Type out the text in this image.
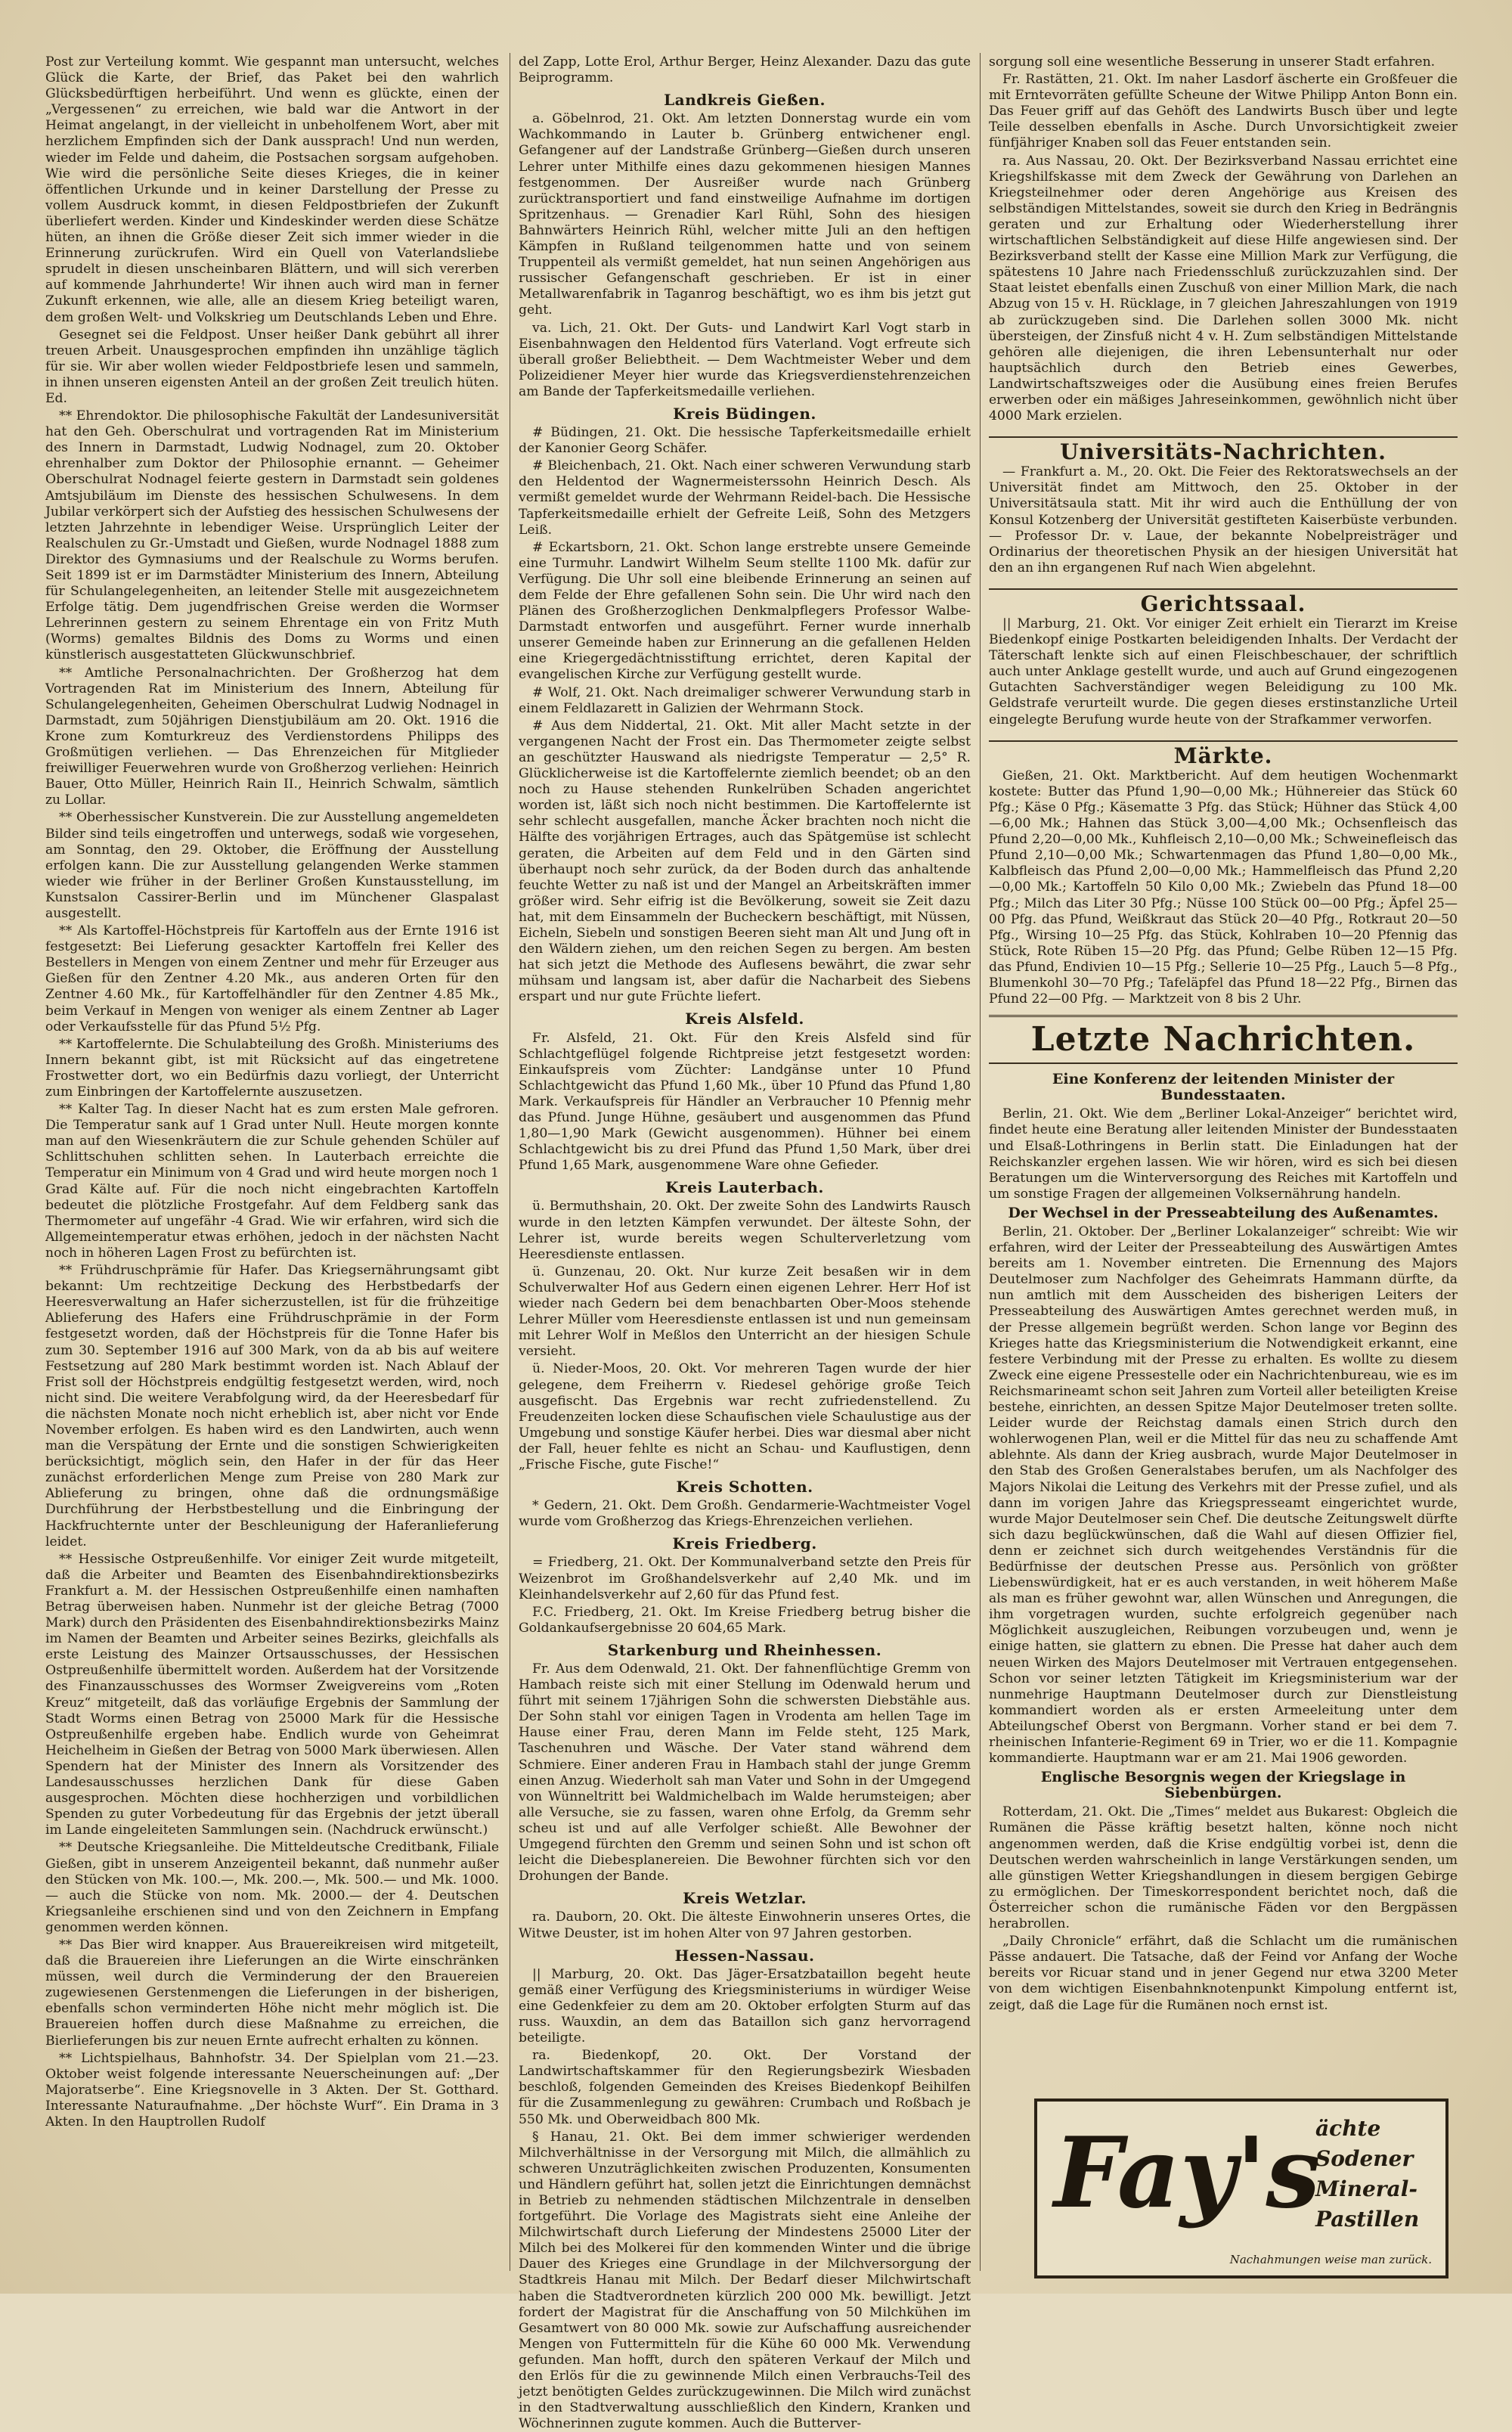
Post zur Verteilung kommt. Wie gespannt man untersucht, welches Glück die Karte, der Brief, das Paket bei den wahrlich Glücksbedürftigen herbeiführt. Und wenn es glückte, einen der „Vergessenen“ zu erreichen, wie bald war die Antwort in der Heimat angelangt, in der vielleicht in unbeholfenem Wort, aber mit herzlichem Empfinden sich der Dank aussprach! Und nun werden, wieder im Felde und daheim, die Postsachen sorgsam aufgehoben. Wie wird die persönliche Seite dieses Krieges, die in keiner öffentlichen Urkunde und in keiner Darstellung der Presse zu vollem Ausdruck kommt, in diesen Feldpostbriefen der Zukunft überliefert werden. Kinder und Kindeskinder werden diese Schätze hüten, an ihnen die Größe dieser Zeit sich immer wieder in die Erinnerung zurückrufen. Wird ein Quell von Vaterlandsliebe sprudelt in diesen unscheinbaren Blättern, und will sich vererben auf kommende Jahrhunderte! Wir ihnen auch wird man in ferner Zukunft erkennen, wie alle, alle an diesem Krieg beteiligt waren, dem großen Welt- und Volkskrieg um Deutschlands Leben und Ehre.

Gesegnet sei die Feldpost. Unser heißer Dank gebührt all ihrer treuen Arbeit. Unausgesprochen empfinden ihn unzählige täglich für sie. Wir aber wollen wieder Feldpostbriefe lesen und sammeln, in ihnen unseren eigensten Anteil an der großen Zeit treulich hüten. Ed.

** Ehrendoktor. Die philosophische Fakultät der Landesuniversität hat den Geh. Oberschulrat und vortragenden Rat im Ministerium des Innern in Darmstadt, Ludwig Nodnagel, zum 20. Oktober ehrenhalber zum Doktor der Philosophie ernannt. — Geheimer Oberschulrat Nodnagel feierte gestern in Darmstadt sein goldenes Amtsjubiläum im Dienste des hessischen Schulwesens. In dem Jubilar verkörpert sich der Aufstieg des hessischen Schulwesens der letzten Jahrzehnte in lebendiger Weise. Ursprünglich Leiter der Realschulen zu Gr.-Umstadt und Gießen, wurde Nodnagel 1888 zum Direktor des Gymnasiums und der Realschule zu Worms berufen. Seit 1899 ist er im Darmstädter Ministerium des Innern, Abteilung für Schulangelegenheiten, an leitender Stelle mit ausgezeichnetem Erfolge tätig. Dem jugendfrischen Greise werden die Wormser Lehrerinnen gestern zu seinem Ehrentage ein von Fritz Muth (Worms) gemaltes Bildnis des Doms zu Worms und einen künstlerisch ausgestatteten Glückwunschbrief.

** Amtliche Personalnachrichten. Der Großherzog hat dem Vortragenden Rat im Ministerium des Innern, Abteilung für Schulangelegenheiten, Geheimen Oberschulrat Ludwig Nodnagel in Darmstadt, zum 50jährigen Dienstjubiläum am 20. Okt. 1916 die Krone zum Komturkreuz des Verdienstordens Philipps des Großmütigen verliehen. — Das Ehrenzeichen für Mitglieder freiwilliger Feuerwehren wurde von Großherzog verliehen: Heinrich Bauer, Otto Müller, Heinrich Rain II., Heinrich Schwalm, sämtlich zu Lollar.

** Oberhessischer Kunstverein. Die zur Ausstellung angemeldeten Bilder sind teils eingetroffen und unterwegs, sodaß wie vorgesehen, am Sonntag, den 29. Oktober, die Eröffnung der Ausstellung erfolgen kann. Die zur Ausstellung gelangenden Werke stammen wieder wie früher in der Berliner Großen Kunstausstellung, im Kunstsalon Cassirer-Berlin und im Münchener Glaspalast ausgestellt.

** Als Kartoffel-Höchstpreis für Kartoffeln aus der Ernte 1916 ist festgesetzt: Bei Lieferung gesackter Kartoffeln frei Keller des Bestellers in Mengen von einem Zentner und mehr für Erzeuger aus Gießen für den Zentner 4.20 Mk., aus anderen Orten für den Zentner 4.60 Mk., für Kartoffelhändler für den Zentner 4.85 Mk., beim Verkauf in Mengen von weniger als einem Zentner ab Lager oder Verkaufsstelle für das Pfund 5½ Pfg.

** Kartoffelernte. Die Schulabteilung des Großh. Ministeriums des Innern bekannt gibt, ist mit Rücksicht auf das eingetretene Frostwetter dort, wo ein Bedürfnis dazu vorliegt, der Unterricht zum Einbringen der Kartoffelernte auszusetzen.

** Kalter Tag. In dieser Nacht hat es zum ersten Male gefroren. Die Temperatur sank auf 1 Grad unter Null. Heute morgen konnte man auf den Wiesenkräutern die zur Schule gehenden Schüler auf Schlittschuhen schlitten sehen. In Lauterbach erreichte die Temperatur ein Minimum von 4 Grad und wird heute morgen noch 1 Grad Kälte auf. Für die noch nicht eingebrachten Kartoffeln bedeutet die plötzliche Frostgefahr. Auf dem Feldberg sank das Thermometer auf ungefähr -4 Grad. Wie wir erfahren, wird sich die Allgemeintemperatur etwas erhöhen, jedoch in der nächsten Nacht noch in höheren Lagen Frost zu befürchten ist.

** Frühdruschprämie für Hafer. Das Kriegsernährungsamt gibt bekannt: Um rechtzeitige Deckung des Herbstbedarfs der Heeresverwaltung an Hafer sicherzustellen, ist für die frühzeitige Ablieferung des Hafers eine Frühdruschprämie in der Form festgesetzt worden, daß der Höchstpreis für die Tonne Hafer bis zum 30. September 1916 auf 300 Mark, von da ab bis auf weitere Festsetzung auf 280 Mark bestimmt worden ist. Nach Ablauf der Frist soll der Höchstpreis endgültig festgesetzt werden, wird, noch nicht sind. Die weitere Verabfolgung wird, da der Heeresbedarf für die nächsten Monate noch nicht erheblich ist, aber nicht vor Ende November erfolgen. Es haben wird es den Landwirten, auch wenn man die Verspätung der Ernte und die sonstigen Schwierigkeiten berücksichtigt, möglich sein, den Hafer in der für das Heer zunächst erforderlichen Menge zum Preise von 280 Mark zur Ablieferung zu bringen, ohne daß die ordnungsmäßige Durchführung der Herbstbestellung und die Einbringung der Hackfruchternte unter der Beschleunigung der Haferanlieferung leidet.

** Hessische Ostpreußenhilfe. Vor einiger Zeit wurde mitgeteilt, daß die Arbeiter und Beamten des Eisenbahndirektionsbezirks Frankfurt a. M. der Hessischen Ostpreußenhilfe einen namhaften Betrag überweisen haben. Nunmehr ist der gleiche Betrag (7000 Mark) durch den Präsidenten des Eisenbahndirektionsbezirks Mainz im Namen der Beamten und Arbeiter seines Bezirks, gleichfalls als erste Leistung des Mainzer Ortsausschusses, der Hessischen Ostpreußenhilfe übermittelt worden. Außerdem hat der Vorsitzende des Finanzausschusses des Wormser Zweigvereins vom „Roten Kreuz“ mitgeteilt, daß das vorläufige Ergebnis der Sammlung der Stadt Worms einen Betrag von 25000 Mark für die Hessische Ostpreußenhilfe ergeben habe. Endlich wurde von Geheimrat Heichelheim in Gießen der Betrag von 5000 Mark überwiesen. Allen Spendern hat der Minister des Innern als Vorsitzender des Landesausschusses herzlichen Dank für diese Gaben ausgesprochen. Möchten diese hochherzigen und vorbildlichen Spenden zu guter Vorbedeutung für das Ergebnis der jetzt überall im Lande eingeleiteten Sammlungen sein. (Nachdruck erwünscht.)

** Deutsche Kriegsanleihe. Die Mitteldeutsche Creditbank, Filiale Gießen, gibt in unserem Anzeigenteil bekannt, daß nunmehr außer den Stücken von Mk. 100.—, Mk. 200.—, Mk. 500.— und Mk. 1000.— auch die Stücke von nom. Mk. 2000.— der 4. Deutschen Kriegsanleihe erschienen sind und von den Zeichnern in Empfang genommen werden können.

** Das Bier wird knapper. Aus Brauereikreisen wird mitgeteilt, daß die Brauereien ihre Lieferungen an die Wirte einschränken müssen, weil durch die Verminderung der den Brauereien zugewiesenen Gerstenmengen die Lieferungen in der bisherigen, ebenfalls schon verminderten Höhe nicht mehr möglich ist. Die Brauereien hoffen durch diese Maßnahme zu erreichen, die Bierlieferungen bis zur neuen Ernte aufrecht erhalten zu können.

** Lichtspielhaus, Bahnhofstr. 34. Der Spielplan vom 21.—23. Oktober weist folgende interessante Neuerscheinungen auf: „Der Majoratserbe“. Eine Kriegsnovelle in 3 Akten. Der St. Gotthard. Interessante Naturaufnahme. „Der höchste Wurf“. Ein Drama in 3 Akten. In den Hauptrollen Rudolf

del Zapp, Lotte Erol, Arthur Berger, Heinz Alexander. Dazu das gute Beiprogramm.

Landkreis Gießen.

a. Göbelnrod, 21. Okt. Am letzten Donnerstag wurde ein vom Wachkommando in Lauter b. Grünberg entwichener engl. Gefangener auf der Landstraße Grünberg—Gießen durch unseren Lehrer unter Mithilfe eines dazu gekommenen hiesigen Mannes festgenommen. Der Ausreißer wurde nach Grünberg zurücktransportiert und fand einstweilige Aufnahme im dortigen Spritzenhaus. — Grenadier Karl Rühl, Sohn des hiesigen Bahnwärters Heinrich Rühl, welcher mitte Juli an den heftigen Kämpfen in Rußland teilgenommen hatte und von seinem Truppenteil als vermißt gemeldet, hat nun seinen Angehörigen aus russischer Gefangenschaft geschrieben. Er ist in einer Metallwarenfabrik in Taganrog beschäftigt, wo es ihm bis jetzt gut geht.

va. Lich, 21. Okt. Der Guts- und Landwirt Karl Vogt starb in Eisenbahnwagen den Heldentod fürs Vaterland. Vogt erfreute sich überall großer Beliebtheit. — Dem Wachtmeister Weber und dem Polizeidiener Meyer hier wurde das Kriegsverdienstehrenzeichen am Bande der Tapferkeitsmedaille verliehen.

Kreis Büdingen.

# Büdingen, 21. Okt. Die hessische Tapferkeitsmedaille erhielt der Kanonier Georg Schäfer.

# Bleichenbach, 21. Okt. Nach einer schweren Verwundung starb den Heldentod der Wagnermeisterssohn Heinrich Desch. Als vermißt gemeldet wurde der Wehrmann Reidel-bach. Die Hessische Tapferkeitsmedaille erhielt der Gefreite Leiß, Sohn des Metzgers Leiß.

# Eckartsborn, 21. Okt. Schon lange erstrebte unsere Gemeinde eine Turmuhr. Landwirt Wilhelm Seum stellte 1100 Mk. dafür zur Verfügung. Die Uhr soll eine bleibende Erinnerung an seinen auf dem Felde der Ehre gefallenen Sohn sein. Die Uhr wird nach den Plänen des Großherzoglichen Denkmalpflegers Professor Walbe-Darmstadt entworfen und ausgeführt. Ferner wurde innerhalb unserer Gemeinde haben zur Erinnerung an die gefallenen Helden eine Kriegergedächtnisstiftung errichtet, deren Kapital der evangelischen Kirche zur Verfügung gestellt wurde.

# Wolf, 21. Okt. Nach dreimaliger schwerer Verwundung starb in einem Feldlazarett in Galizien der Wehrmann Stock.

# Aus dem Niddertal, 21. Okt. Mit aller Macht setzte in der vergangenen Nacht der Frost ein. Das Thermometer zeigte selbst an geschützter Hauswand als niedrigste Temperatur — 2,5° R. Glücklicherweise ist die Kartoffelernte ziemlich beendet; ob an den noch zu Hause stehenden Runkelrüben Schaden angerichtet worden ist, läßt sich noch nicht bestimmen. Die Kartoffelernte ist sehr schlecht ausgefallen, manche Äcker brachten noch nicht die Hälfte des vorjährigen Ertrages, auch das Spätgemüse ist schlecht geraten, die Arbeiten auf dem Feld und in den Gärten sind überhaupt noch sehr zurück, da der Boden durch das anhaltende feuchte Wetter zu naß ist und der Mangel an Arbeitskräften immer größer wird. Sehr eifrig ist die Bevölkerung, soweit sie Zeit dazu hat, mit dem Einsammeln der Bucheckern beschäftigt, mit Nüssen, Eicheln, Siebeln und sonstigen Beeren sieht man Alt und Jung oft in den Wäldern ziehen, um den reichen Segen zu bergen. Am besten hat sich jetzt die Methode des Auflesens bewährt, die zwar sehr mühsam und langsam ist, aber dafür die Nacharbeit des Siebens erspart und nur gute Früchte liefert.

Kreis Alsfeld.

Fr. Alsfeld, 21. Okt. Für den Kreis Alsfeld sind für Schlachtgeflügel folgende Richtpreise jetzt festgesetzt worden: Einkaufspreis vom Züchter: Landgänse unter 10 Pfund Schlachtgewicht das Pfund 1,60 Mk., über 10 Pfund das Pfund 1,80 Mark. Verkaufspreis für Händler an Verbraucher 10 Pfennig mehr das Pfund. Junge Hühne, gesäubert und ausgenommen das Pfund 1,80—1,90 Mark (Gewicht ausgenommen). Hühner bei einem Schlachtgewicht bis zu drei Pfund das Pfund 1,50 Mark, über drei Pfund 1,65 Mark, ausgenommene Ware ohne Gefieder.

Kreis Lauterbach.

ü. Bermuthshain, 20. Okt. Der zweite Sohn des Landwirts Rausch wurde in den letzten Kämpfen verwundet. Der älteste Sohn, der Lehrer ist, wurde bereits wegen Schulterverletzung vom Heeresdienste entlassen.

ü. Gunzenau, 20. Okt. Nur kurze Zeit besaßen wir in dem Schulverwalter Hof aus Gedern einen eigenen Lehrer. Herr Hof ist wieder nach Gedern bei dem benachbarten Ober-Moos stehende Lehrer Müller vom Heeresdienste entlassen ist und nun gemeinsam mit Lehrer Wolf in Meßlos den Unterricht an der hiesigen Schule versieht.

ü. Nieder-Moos, 20. Okt. Vor mehreren Tagen wurde der hier gelegene, dem Freiherrn v. Riedesel gehörige große Teich ausgefischt. Das Ergebnis war recht zufriedenstellend. Zu Freudenzeiten locken diese Schaufischen viele Schaulustige aus der Umgebung und sonstige Käufer herbei. Dies war diesmal aber nicht der Fall, heuer fehlte es nicht an Schau- und Kauflustigen, denn „Frische Fische, gute Fische!“

Kreis Schotten.

* Gedern, 21. Okt. Dem Großh. Gendarmerie-Wachtmeister Vogel wurde vom Großherzog das Kriegs-Ehrenzeichen verliehen.

Kreis Friedberg.

= Friedberg, 21. Okt. Der Kommunalverband setzte den Preis für Weizenbrot im Großhandelsverkehr auf 2,40 Mk. und im Kleinhandelsverkehr auf 2,60 für das Pfund fest.

F.C. Friedberg, 21. Okt. Im Kreise Friedberg betrug bisher die Goldankaufsergebnisse 20 604,65 Mark.

Starkenburg und Rheinhessen.

Fr. Aus dem Odenwald, 21. Okt. Der fahnenflüchtige Gremm von Hambach reiste sich mit einer Stellung im Odenwald herum und führt mit seinem 17jährigen Sohn die schwersten Diebstähle aus. Der Sohn stahl vor einigen Tagen in Vrodenta am hellen Tage im Hause einer Frau, deren Mann im Felde steht, 125 Mark, Taschenuhren und Wäsche. Der Vater stand während dem Schmiere. Einer anderen Frau in Hambach stahl der junge Gremm einen Anzug. Wiederholt sah man Vater und Sohn in der Umgegend von Wünneltritt bei Waldmichelbach im Walde herumsteigen; aber alle Versuche, sie zu fassen, waren ohne Erfolg, da Gremm sehr scheu ist und auf alle Verfolger schießt. Alle Bewohner der Umgegend fürchten den Gremm und seinen Sohn und ist schon oft leicht die Diebesplanereien. Die Bewohner fürchten sich vor den Drohungen der Bande.

Kreis Wetzlar.

ra. Dauborn, 20. Okt. Die älteste Einwohnerin unseres Ortes, die Witwe Deuster, ist im hohen Alter von 97 Jahren gestorben.

Hessen-Nassau.

|| Marburg, 20. Okt. Das Jäger-Ersatzbataillon begeht heute gemäß einer Verfügung des Kriegsministeriums in würdiger Weise eine Gedenkfeier zu dem am 20. Oktober erfolgten Sturm auf das russ. Wauxdin, an dem das Bataillon sich ganz hervorragend beteiligte.

ra. Biedenkopf, 20. Okt. Der Vorstand der Landwirtschaftskammer für den Regierungsbezirk Wiesbaden beschloß, folgenden Gemeinden des Kreises Biedenkopf Beihilfen für die Zusammenlegung zu gewähren: Crumbach und Roßbach je 550 Mk. und Oberweidbach 800 Mk.

§ Hanau, 21. Okt. Bei dem immer schwieriger werdenden Milchverhältnisse in der Versorgung mit Milch, die allmählich zu schweren Unzuträglichkeiten zwischen Produzenten, Konsumenten und Händlern geführt hat, sollen jetzt die Einrichtungen demnächst in Betrieb zu nehmenden städtischen Milchzentrale in denselben fortgeführt. Die Vorlage des Magistrats sieht eine Anleihe der Milchwirtschaft durch Lieferung der Mindestens 25000 Liter der Milch bei des Molkerei für den kommenden Winter und die übrige Dauer des Krieges eine Grundlage in der Milchversorgung der Stadtkreis Hanau mit Milch. Der Bedarf dieser Milchwirtschaft haben die Stadtverordneten kürzlich 200 000 Mk. bewilligt. Jetzt fordert der Magistrat für die Anschaffung von 50 Milchkühen im Gesamtwert von 80 000 Mk. sowie zur Aufschaffung ausreichender Mengen von Futtermitteln für die Kühe 60 000 Mk. Verwendung gefunden. Man hofft, durch den späteren Verkauf der Milch und den Erlös für die zu gewinnende Milch einen Verbrauchs-Teil des jetzt benötigten Geldes zurückzugewinnen. Die Milch wird zunächst in den Stadtverwaltung ausschließlich den Kindern, Kranken und Wöchnerinnen zugute kommen. Auch die Butterver-

sorgung soll eine wesentliche Besserung in unserer Stadt erfahren.

Fr. Rastätten, 21. Okt. Im naher Lasdorf äscherte ein Großfeuer die mit Erntevorräten gefüllte Scheune der Witwe Philipp Anton Bonn ein. Das Feuer griff auf das Gehöft des Landwirts Busch über und legte Teile desselben ebenfalls in Asche. Durch Unvorsichtigkeit zweier fünfjähriger Knaben soll das Feuer entstanden sein.

ra. Aus Nassau, 20. Okt. Der Bezirksverband Nassau errichtet eine Kriegshilfskasse mit dem Zweck der Gewährung von Darlehen an Kriegsteilnehmer oder deren Angehörige aus Kreisen des selbständigen Mittelstandes, soweit sie durch den Krieg in Bedrängnis geraten und zur Erhaltung oder Wiederherstellung ihrer wirtschaftlichen Selbständigkeit auf diese Hilfe angewiesen sind. Der Bezirksverband stellt der Kasse eine Million Mark zur Verfügung, die spätestens 10 Jahre nach Friedensschluß zurückzuzahlen sind. Der Staat leistet ebenfalls einen Zuschuß von einer Million Mark, die nach Abzug von 15 v. H. Rücklage, in 7 gleichen Jahreszahlungen von 1919 ab zurückzugeben sind. Die Darlehen sollen 3000 Mk. nicht übersteigen, der Zinsfuß nicht 4 v. H. Zum selbständigen Mittelstande gehören alle diejenigen, die ihren Lebensunterhalt nur oder hauptsächlich durch den Betrieb eines Gewerbes, Landwirtschaftszweiges oder die Ausübung eines freien Berufes erwerben oder ein mäßiges Jahreseinkommen, gewöhnlich nicht über 4000 Mark erzielen.

Universitäts-Nachrichten.

— Frankfurt a. M., 20. Okt. Die Feier des Rektoratswechsels an der Universität findet am Mittwoch, den 25. Oktober in der Universitätsaula statt. Mit ihr wird auch die Enthüllung der von Konsul Kotzenberg der Universität gestifteten Kaiserbüste verbunden. — Professor Dr. v. Laue, der bekannte Nobelpreisträger und Ordinarius der theoretischen Physik an der hiesigen Universität hat den an ihn ergangenen Ruf nach Wien abgelehnt.

Gerichtssaal.

|| Marburg, 21. Okt. Vor einiger Zeit erhielt ein Tierarzt im Kreise Biedenkopf einige Postkarten beleidigenden Inhalts. Der Verdacht der Täterschaft lenkte sich auf einen Fleischbeschauer, der schriftlich auch unter Anklage gestellt wurde, und auch auf Grund eingezogenen Gutachten Sachverständiger wegen Beleidigung zu 100 Mk. Geldstrafe verurteilt wurde. Die gegen dieses erstinstanzliche Urteil eingelegte Berufung wurde heute von der Strafkammer verworfen.

Märkte.

Gießen, 21. Okt. Marktbericht. Auf dem heutigen Wochenmarkt kostete: Butter das Pfund 1,90—0,00 Mk.; Hühnereier das Stück 60 Pfg.; Käse 0 Pfg.; Käsematte 3 Pfg. das Stück; Hühner das Stück 4,00—6,00 Mk.; Hahnen das Stück 3,00—4,00 Mk.; Ochsenfleisch das Pfund 2,20—0,00 Mk., Kuhfleisch 2,10—0,00 Mk.; Schweinefleisch das Pfund 2,10—0,00 Mk.; Schwartenmagen das Pfund 1,80—0,00 Mk., Kalbfleisch das Pfund 2,00—0,00 Mk.; Hammelfleisch das Pfund 2,20—0,00 Mk.; Kartoffeln 50 Kilo 0,00 Mk.; Zwiebeln das Pfund 18—00 Pfg.; Milch das Liter 30 Pfg.; Nüsse 100 Stück 00—00 Pfg.; Äpfel 25—00 Pfg. das Pfund, Weißkraut das Stück 20—40 Pfg., Rotkraut 20—50 Pfg., Wirsing 10—25 Pfg. das Stück, Kohlraben 10—20 Pfennig das Stück, Rote Rüben 15—20 Pfg. das Pfund; Gelbe Rüben 12—15 Pfg. das Pfund, Endivien 10—15 Pfg.; Sellerie 10—25 Pfg., Lauch 5—8 Pfg., Blumenkohl 30—70 Pfg.; Tafeläpfel das Pfund 18—22 Pfg., Birnen das Pfund 22—00 Pfg. — Marktzeit von 8 bis 2 Uhr.

Letzte Nachrichten.
Eine Konferenz der leitenden Minister der Bundesstaaten.

Berlin, 21. Okt. Wie dem „Berliner Lokal-Anzeiger“ berichtet wird, findet heute eine Beratung aller leitenden Minister der Bundesstaaten und Elsaß-Lothringens in Berlin statt. Die Einladungen hat der Reichskanzler ergehen lassen. Wie wir hören, wird es sich bei diesen Beratungen um die Winterversorgung des Reiches mit Kartoffeln und um sonstige Fragen der allgemeinen Volksernährung handeln.

Der Wechsel in der Presseabteilung des Außenamtes.

Berlin, 21. Oktober. Der „Berliner Lokalanzeiger“ schreibt: Wie wir erfahren, wird der Leiter der Presseabteilung des Auswärtigen Amtes bereits am 1. November eintreten. Die Ernennung des Majors Deutelmoser zum Nachfolger des Geheimrats Hammann dürfte, da nun amtlich mit dem Ausscheiden des bisherigen Leiters der Presseabteilung des Auswärtigen Amtes gerechnet werden muß, in der Presse allgemein begrüßt werden. Schon lange vor Beginn des Krieges hatte das Kriegsministerium die Notwendigkeit erkannt, eine festere Verbindung mit der Presse zu erhalten. Es wollte zu diesem Zweck eine eigene Pressestelle oder ein Nachrichtenbureau, wie es im Reichsmarineamt schon seit Jahren zum Vorteil aller beteiligten Kreise bestehe, einrichten, an dessen Spitze Major Deutelmoser treten sollte. Leider wurde der Reichstag damals einen Strich durch den wohlerwogenen Plan, weil er die Mittel für das neu zu schaffende Amt ablehnte. Als dann der Krieg ausbrach, wurde Major Deutelmoser in den Stab des Großen Generalstabes berufen, um als Nachfolger des Majors Nikolai die Leitung des Verkehrs mit der Presse zufiel, und als dann im vorigen Jahre das Kriegspresseamt eingerichtet wurde, wurde Major Deutelmoser sein Chef. Die deutsche Zeitungswelt dürfte sich dazu beglückwünschen, daß die Wahl auf diesen Offizier fiel, denn er zeichnet sich durch weitgehendes Verständnis für die Bedürfnisse der deutschen Presse aus. Persönlich von größter Liebenswürdigkeit, hat er es auch verstanden, in weit höherem Maße als man es früher gewohnt war, allen Wünschen und Anregungen, die ihm vorgetragen wurden, suchte erfolgreich gegenüber nach Möglichkeit auszugleichen, Reibungen vorzubeugen und, wenn je einige hatten, sie glattern zu ebnen. Die Presse hat daher auch dem neuen Wirken des Majors Deutelmoser mit Vertrauen entgegensehen. Schon vor seiner letzten Tätigkeit im Kriegsministerium war der nunmehrige Hauptmann Deutelmoser durch zur Dienstleistung kommandiert worden als er ersten Armeeleitung unter dem Abteilungschef Oberst von Bergmann. Vorher stand er bei dem 7. rheinischen Infanterie-Regiment 69 in Trier, wo er die 11. Kompagnie kommandierte. Hauptmann war er am 21. Mai 1906 geworden.

Englische Besorgnis wegen der Kriegslage in Siebenbürgen.

Rotterdam, 21. Okt. Die „Times“ meldet aus Bukarest: Obgleich die Rumänen die Pässe kräftig besetzt halten, könne noch nicht angenommen werden, daß die Krise endgültig vorbei ist, denn die Deutschen werden wahrscheinlich in lange Verstärkungen senden, um alle günstigen Wetter Kriegshandlungen in diesem bergigen Gebirge zu ermöglichen. Der Timeskorrespondent berichtet noch, daß die Österreicher schon die rumänische Fäden vor den Bergpässen herabrollen.

„Daily Chronicle“ erfährt, daß die Schlacht um die rumänischen Pässe andauert. Die Tatsache, daß der Feind vor Anfang der Woche bereits vor Ricuar stand und in jener Gegend nur etwa 3200 Meter von dem wichtigen Eisenbahnknotenpunkt Kimpolung entfernt ist, zeigt, daß die Lage für die Rumänen noch ernst ist.

Fay's
ächte
Sodener
Mineral-
Pastillen
Nachahmungen weise man zurück.
